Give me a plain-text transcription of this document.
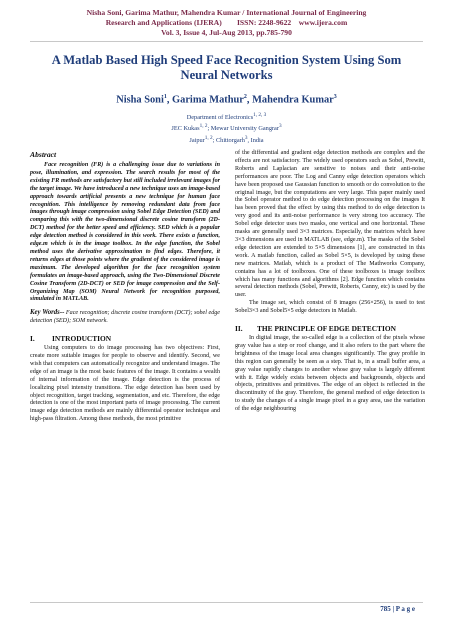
Nisha Soni, Garima Mathur, Mahendra Kumar / International Journal of Engineering
Research and Applications (IJERA)        ISSN: 2248-9622    www.ijera.com
Vol. 3, Issue 4, Jul-Aug 2013, pp.785-790
A Matlab Based High Speed Face Recognition System Using Som Neural Networks
Nisha Soni$^1$, Garima Mathur$^2$, Mahendra Kumar$^3$
Department of Electronics$^{1, 2, 3}$
JEC Kukas$^{1, 2}$; Mewar University Gangrar$^3$
Jaipur$^{1, 2}$; Chittorgarh$^3$, India
Abstract

Face recognition (FR) is a challenging issue due to variations in pose, illumination, and expression. The search results for most of the existing FR methods are satisfactory but still included irrelevant images for the target image. We have introduced a new technique uses an image-based approach towards artificial presents a new technique for human face recognition. This intelligence by removing redundant data from face images through image compression using Sobel Edge Detection (SED) and comparing this with the two-dimensional discrete cosine transform (2D-DCT) method for the better speed and efficiency. SED which is a popular edge detection method is considered in this work. There exists a function, edge.m which is in the image toolbox. In the edge function, the Sobel method uses the derivative approximation to find edges. Therefore, it returns edges at those points where the gradient of the considered image is maximum. The developed algorithm for the face recognition system formulates an image-based approach, using the Two-Dimensional Discrete Cosine Transform (2D-DCT) or SED for image compression and the Self-Organizing Map (SOM) Neural Network for recognition purposed, simulated in MATLAB.

Key Words-- Face recognition; discrete cosine transform (DCT); sobel edge detection (SED); SOM network.

I. INTRODUCTION

Using computers to do image processing has two objectives: First, create more suitable images for people to observe and identify. Second, we wish that computers can automatically recognize and understand images. The edge of an image is the most basic features of the image. It contains a wealth of internal information of the image. Edge detection is the process of localizing pixel intensity transitions. The edge detection has been used by object recognition, target tracking, segmentation, and etc. Therefore, the edge detection is one of the most important parts of image processing. The current image edge detection methods are mainly differential operator technique and high-pass filtration. Among these methods, the most primitive

of the differential and gradient edge detection methods are complex and the effects are not satisfactory. The widely used operators such as Sobel, Prewitt, Roberts and Laplacian are sensitive to noises and their anti-noise performances are poor. The Log and Canny edge detection operators which have been proposed use Gaussian function to smooth or do convolution to the original image, but the computations are very large. This paper mainly used the Sobel operator method to do edge detection processing on the images It has been proved that the effect by using this method to do edge detection is very good and its anti-noise performance is very strong too accuracy. The Sobel edge detector uses two masks, one vertical and one horizontal. These masks are generally used 3×3 matrices. Especially, the matrices which have 3×3 dimensions are used in MATLAB (see, edge.m). The masks of the Sobel edge detection are extended to 5×5 dimensions [1], are constructed in this work. A matlab function, called as Sobel 5×5, is developed by using these new matrices. Matlab, which is a product of The Mathworks Company, contains has a lot of toolboxes. One of these toolboxes is image toolbox which has many functions and algorithms [2]. Edge function which contains several detection methods (Sobel, Prewitt, Roberts, Canny, etc) is used by the user.

The image set, which consist of 8 images (256×256), is used to test Sobel3×3 and Sobel5×5 edge detectors in Matlab.

II. THE PRINCIPLE OF EDGE DETECTION

In digital image, the so-called edge is a collection of the pixels whose gray value has a step or roof change, and it also refers to the part where the brightness of the image local area changes significantly. The gray profile in this region can generally be seen as a step. That is, in a small buffer area, a gray value rapidly changes to another whose gray value is largely different with it. Edge widely exists between objects and backgrounds, objects and objects, primitives and primitives. The edge of an object is reflected in the discontinuity of the gray. Therefore, the general method of edge detection is to study the changes of a single image pixel in a gray area, use the variation of the edge neighbouring

785 | P a g e
